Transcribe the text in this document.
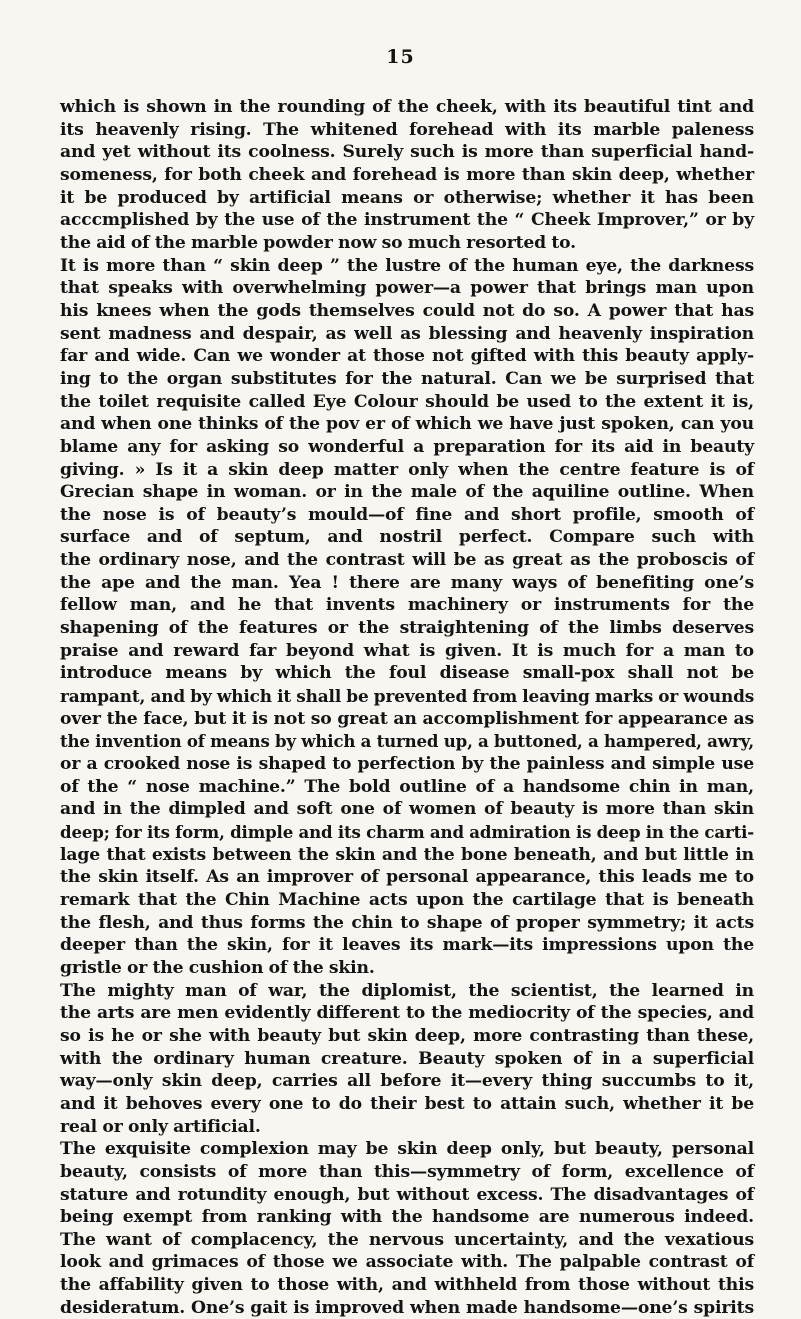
15
which is shown in the rounding of the cheek, with its beautiful tint and
its heavenly rising. The whitened forehead with its marble paleness
and yet without its coolness. Surely such is more than superficial hand-
someness, for both cheek and forehead is more than skin deep, whether
it be produced by artificial means or otherwise; whether it has been
acccmplished by the use of the instrument the “ Cheek Improver,” or by
the aid of the marble powder now so much resorted to.
It is more than “ skin deep ” the lustre of the human eye, the darkness
that speaks with overwhelming power—a power that brings man upon
his knees when the gods themselves could not do so. A power that has
sent madness and despair, as well as blessing and heavenly inspiration
far and wide. Can we wonder at those not gifted with this beauty apply-
ing to the organ substitutes for the natural. Can we be surprised that
the toilet requisite called Eye Colour should be used to the extent it is,
and when one thinks of the pov er of which we have just spoken, can you
blame any for asking so wonderful a preparation for its aid in beauty
giving. » Is it a skin deep matter only when the centre feature is of
Grecian shape in woman. or in the male of the aquiline outline. When
the nose is of beauty’s mould—of fine and short profile, smooth of
surface and of septum, and nostril perfect. Compare such with
the ordinary nose, and the contrast will be as great as the proboscis of
the ape and the man. Yea ! there are many ways of benefiting one’s
fellow man, and he that invents machinery or instruments for the
shapening of the features or the straightening of the limbs deserves
praise and reward far beyond what is given. It is much for a man to
introduce means by which the foul disease small-pox shall not be
rampant, and by which it shall be prevented from leaving marks or wounds
over the face, but it is not so great an accomplishment for appearance as
the invention of means by which a turned up, a buttoned, a hampered, awry,
or a crooked nose is shaped to perfection by the painless and simple use
of the “ nose machine.” The bold outline of a handsome chin in man,
and in the dimpled and soft one of women of beauty is more than skin
deep; for its form, dimple and its charm and admiration is deep in the carti-
lage that exists between the skin and the bone beneath, and but little in
the skin itself. As an improver of personal appearance, this leads me to
remark that the Chin Machine acts upon the cartilage that is beneath
the flesh, and thus forms the chin to shape of proper symmetry; it acts
deeper than the skin, for it leaves its mark—its impressions upon the
gristle or the cushion of the skin.
The mighty man of war, the diplomist, the scientist, the learned in
the arts are men evidently different to the mediocrity of the species, and
so is he or she with beauty but skin deep, more contrasting than these,
with the ordinary human creature. Beauty spoken of in a superficial
way—only skin deep, carries all before it—every thing succumbs to it,
and it behoves every one to do their best to attain such, whether it be
real or only artificial.
The exquisite complexion may be skin deep only, but beauty, personal
beauty, consists of more than this—symmetry of form, excellence of
stature and rotundity enough, but without excess. The disadvantages of
being exempt from ranking with the handsome are numerous indeed.
The want of complacency, the nervous uncertainty, and the vexatious
look and grimaces of those we associate with. The palpable contrast of
the affability given to those with, and withheld from those without this
desideratum. One’s gait is improved when made handsome—one’s spirits
